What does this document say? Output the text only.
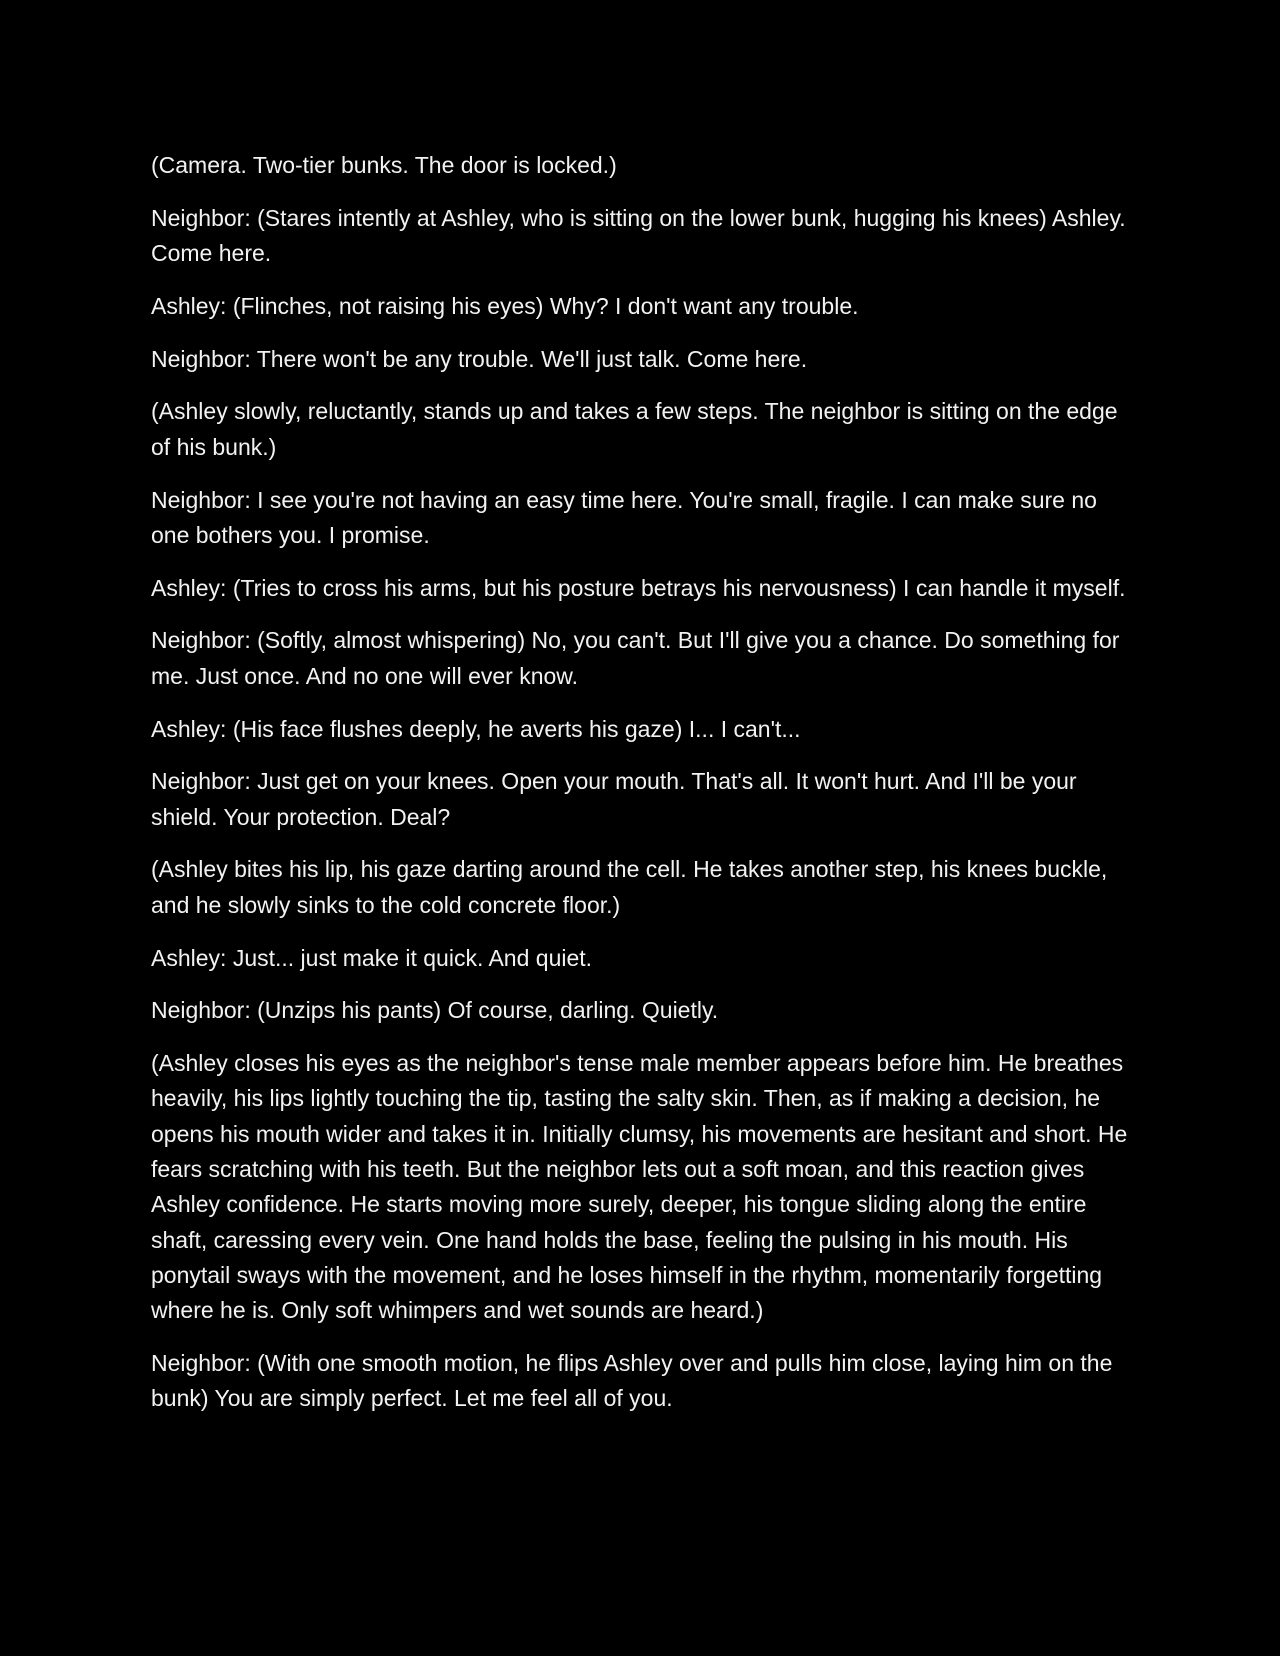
(Camera. Two-tier bunks. The door is locked.)

Neighbor: (Stares intently at Ashley, who is sitting on the lower bunk, hugging his knees) Ashley. Come here.

Ashley: (Flinches, not raising his eyes) Why? I don't want any trouble.

Neighbor: There won't be any trouble. We'll just talk. Come here.

(Ashley slowly, reluctantly, stands up and takes a few steps. The neighbor is sitting on the edge of his bunk.)

Neighbor: I see you're not having an easy time here. You're small, fragile. I can make sure no one bothers you. I promise.

Ashley: (Tries to cross his arms, but his posture betrays his nervousness) I can handle it myself.

Neighbor: (Softly, almost whispering) No, you can't. But I'll give you a chance. Do something for me. Just once. And no one will ever know.

Ashley: (His face flushes deeply, he averts his gaze) I... I can't...

Neighbor: Just get on your knees. Open your mouth. That's all. It won't hurt. And I'll be your shield. Your protection. Deal?

(Ashley bites his lip, his gaze darting around the cell. He takes another step, his knees buckle, and he slowly sinks to the cold concrete floor.)

Ashley: Just... just make it quick. And quiet.

Neighbor: (Unzips his pants) Of course, darling. Quietly.

(Ashley closes his eyes as the neighbor's tense male member appears before him. He breathes heavily, his lips lightly touching the tip, tasting the salty skin. Then, as if making a decision, he opens his mouth wider and takes it in. Initially clumsy, his movements are hesitant and short. He fears scratching with his teeth. But the neighbor lets out a soft moan, and this reaction gives Ashley confidence. He starts moving more surely, deeper, his tongue sliding along the entire shaft, caressing every vein. One hand holds the base, feeling the pulsing in his mouth. His ponytail sways with the movement, and he loses himself in the rhythm, momentarily forgetting where he is. Only soft whimpers and wet sounds are heard.)

Neighbor: (With one smooth motion, he flips Ashley over and pulls him close, laying him on the bunk) You are simply perfect. Let me feel all of you.
